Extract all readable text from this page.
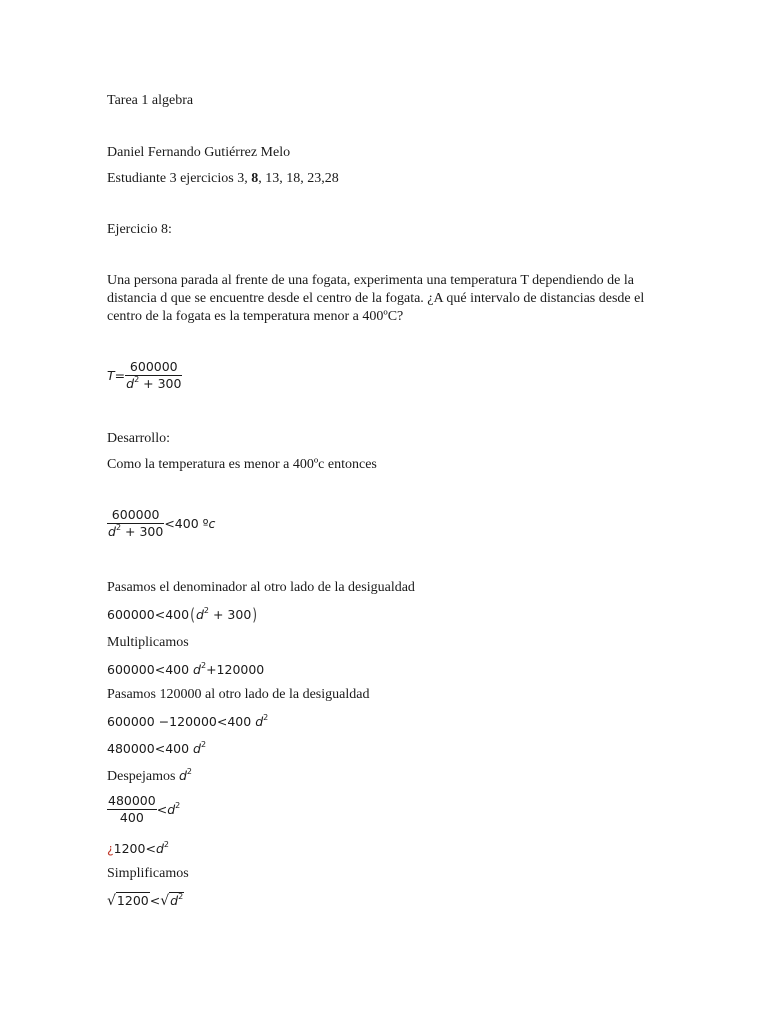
Tarea 1 algebra
Daniel Fernando Gutiérrez Melo
Estudiante 3 ejercicios 3, 8, 13, 18, 23,28
Ejercicio 8:
Una persona parada al frente de una fogata, experimenta una temperatura T dependiendo de la distancia d que se encuentre desde el centro de la fogata. ¿A qué intervalo de distancias desde el centro de la fogata es la temperatura menor a 400ºC?
$T= \frac{600000}{d^2 + 300}$
Desarrollo:
Como la temperatura es menor a 400ºc entonces
$\frac{600000}{d^2 + 300} <400$ ºc
Pasamos el denominador al otro lado de la desigualdad
$600000<400(d^2 + 300)$
Multiplicamos
600000<400 $d^2+120000$
Pasamos 120000 al otro lado de la desigualdad
600000 −120000<400 $d^2$
480000<400 $d^2$
Despejamos $d^2$
$\frac{480000}{400} <d^2$
¿$1200<d^2$
Simplificamos
$√1200<√d^2$
